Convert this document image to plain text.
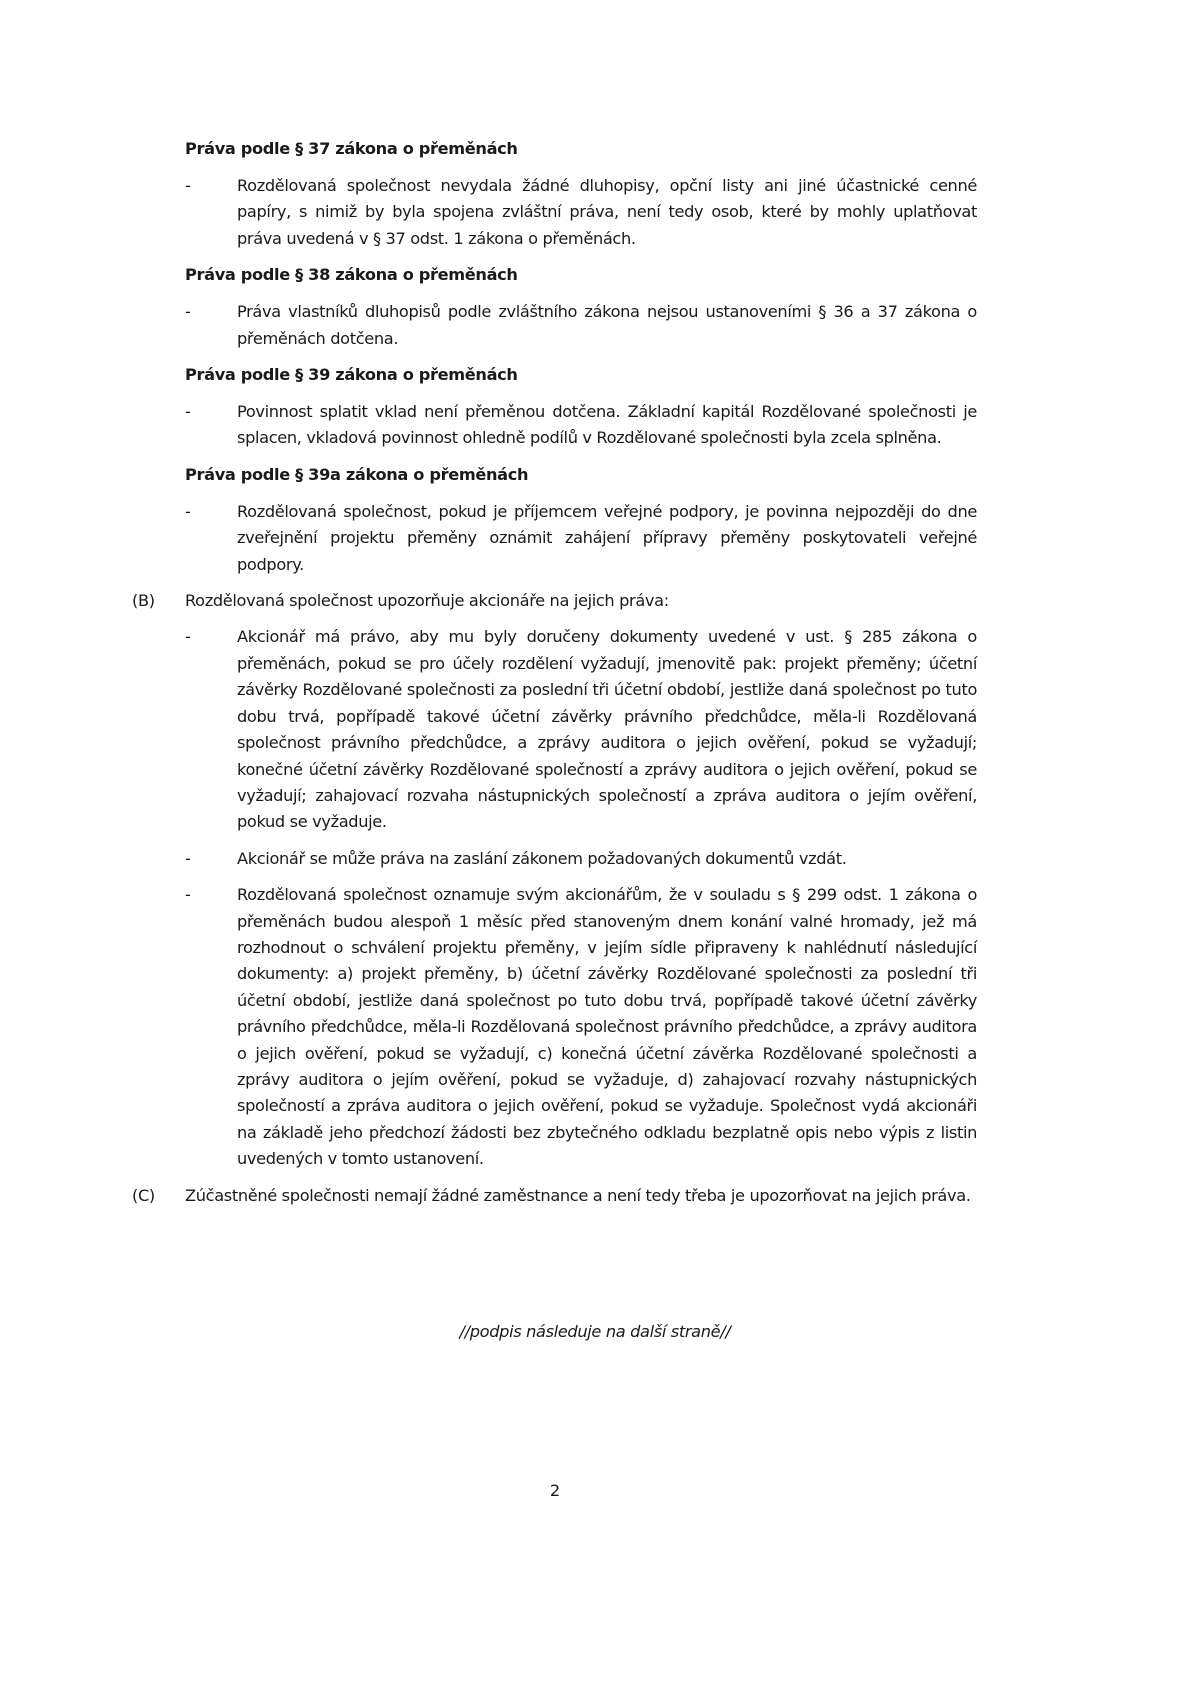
Práva podle § 37 zákona o přeměnách
-	Rozdělovaná společnost nevydala žádné dluhopisy, opční listy ani jiné účastnické cenné papíry, s nimiž by byla spojena zvláštní práva, není tedy osob, které by mohly uplatňovat práva uvedená v § 37 odst. 1 zákona o přeměnách.
Práva podle § 38 zákona o přeměnách
-	Práva vlastníků dluhopisů podle zvláštního zákona nejsou ustanoveními § 36 a 37 zákona o přeměnách dotčena.
Práva podle § 39 zákona o přeměnách
-	Povinnost splatit vklad není přeměnou dotčena. Základní kapitál Rozdělované společnosti je splacen, vkladová povinnost ohledně podílů v Rozdělované společnosti byla zcela splněna.
Práva podle § 39a zákona o přeměnách
-	Rozdělovaná společnost, pokud je příjemcem veřejné podpory, je povinna nejpozději do dne zveřejnění projektu přeměny oznámit zahájení přípravy přeměny poskytovateli veřejné podpory.
(B) Rozdělovaná společnost upozorňuje akcionáře na jejich práva:
-	Akcionář má právo, aby mu byly doručeny dokumenty uvedené v ust. § 285 zákona o přeměnách, pokud se pro účely rozdělení vyžadují, jmenovitě pak: projekt přeměny; účetní závěrky Rozdělované společnosti za poslední tři účetní období, jestliže daná společnost po tuto dobu trvá, popřípadě takové účetní závěrky právního předchůdce, měla-li Rozdělovaná společnost právního předchůdce, a zprávy auditora o jejich ověření, pokud se vyžadují; konečné účetní závěrky Rozdělované společností a zprávy auditora o jejich ověření, pokud se vyžadují; zahajovací rozvaha nástupnických společností a zpráva auditora o jejím ověření, pokud se vyžaduje.
-	Akcionář se může práva na zaslání zákonem požadovaných dokumentů vzdát.
-	Rozdělovaná společnost oznamuje svým akcionářům, že v souladu s § 299 odst. 1 zákona o přeměnách budou alespoň 1 měsíc před stanoveným dnem konání valné hromady, jež má rozhodnout o schválení projektu přeměny, v jejím sídle připraveny k nahlédnutí následující dokumenty: a) projekt přeměny, b) účetní závěrky Rozdělované společnosti za poslední tři účetní období, jestliže daná společnost po tuto dobu trvá, popřípadě takové účetní závěrky právního předchůdce, měla-li Rozdělovaná společnost právního předchůdce, a zprávy auditora o jejich ověření, pokud se vyžadují, c) konečná účetní závěrka Rozdělované společnosti a zprávy auditora o jejím ověření, pokud se vyžaduje, d) zahajovací rozvahy nástupnických společností a zpráva auditora o jejich ověření, pokud se vyžaduje. Společnost vydá akcionáři na základě jeho předchozí žádosti bez zbytečného odkladu bezplatně opis nebo výpis z listin uvedených v tomto ustanovení.
(C) Zúčastněné společnosti nemají žádné zaměstnance a není tedy třeba je upozorňovat na jejich práva.
//podpis následuje na další straně//
2
